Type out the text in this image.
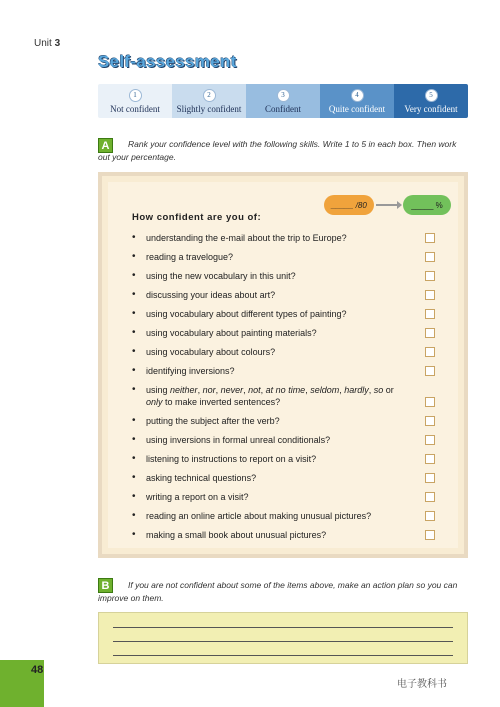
Unit 3
Self-assessment
1
Not confident
2
Slightly confident
3
Confident
4
Quite confident
5
Very confident
A	Rank your confidence level with the following skills. Write 1 to 5 in each box. Then work out your percentage.
How confident are you of:
_____ /80	_____ %
• understanding the e-mail about the trip to Europe?
• reading a travelogue?
• using the new vocabulary in this unit?
• discussing your ideas about art?
• using vocabulary about different types of painting?
• using vocabulary about painting materials?
• using vocabulary about colours?
• identifying inversions?
• using neither, nor, never, not, at no time, seldom, hardly, so or only to make inverted sentences?
• putting the subject after the verb?
• using inversions in formal unreal conditionals?
• listening to instructions to report on a visit?
• asking technical questions?
• writing a report on a visit?
• reading an online article about making unusual pictures?
• making a small book about unusual pictures?
B	If you are not confident about some of the items above, make an action plan so you can improve on them.
48
电子教科书
